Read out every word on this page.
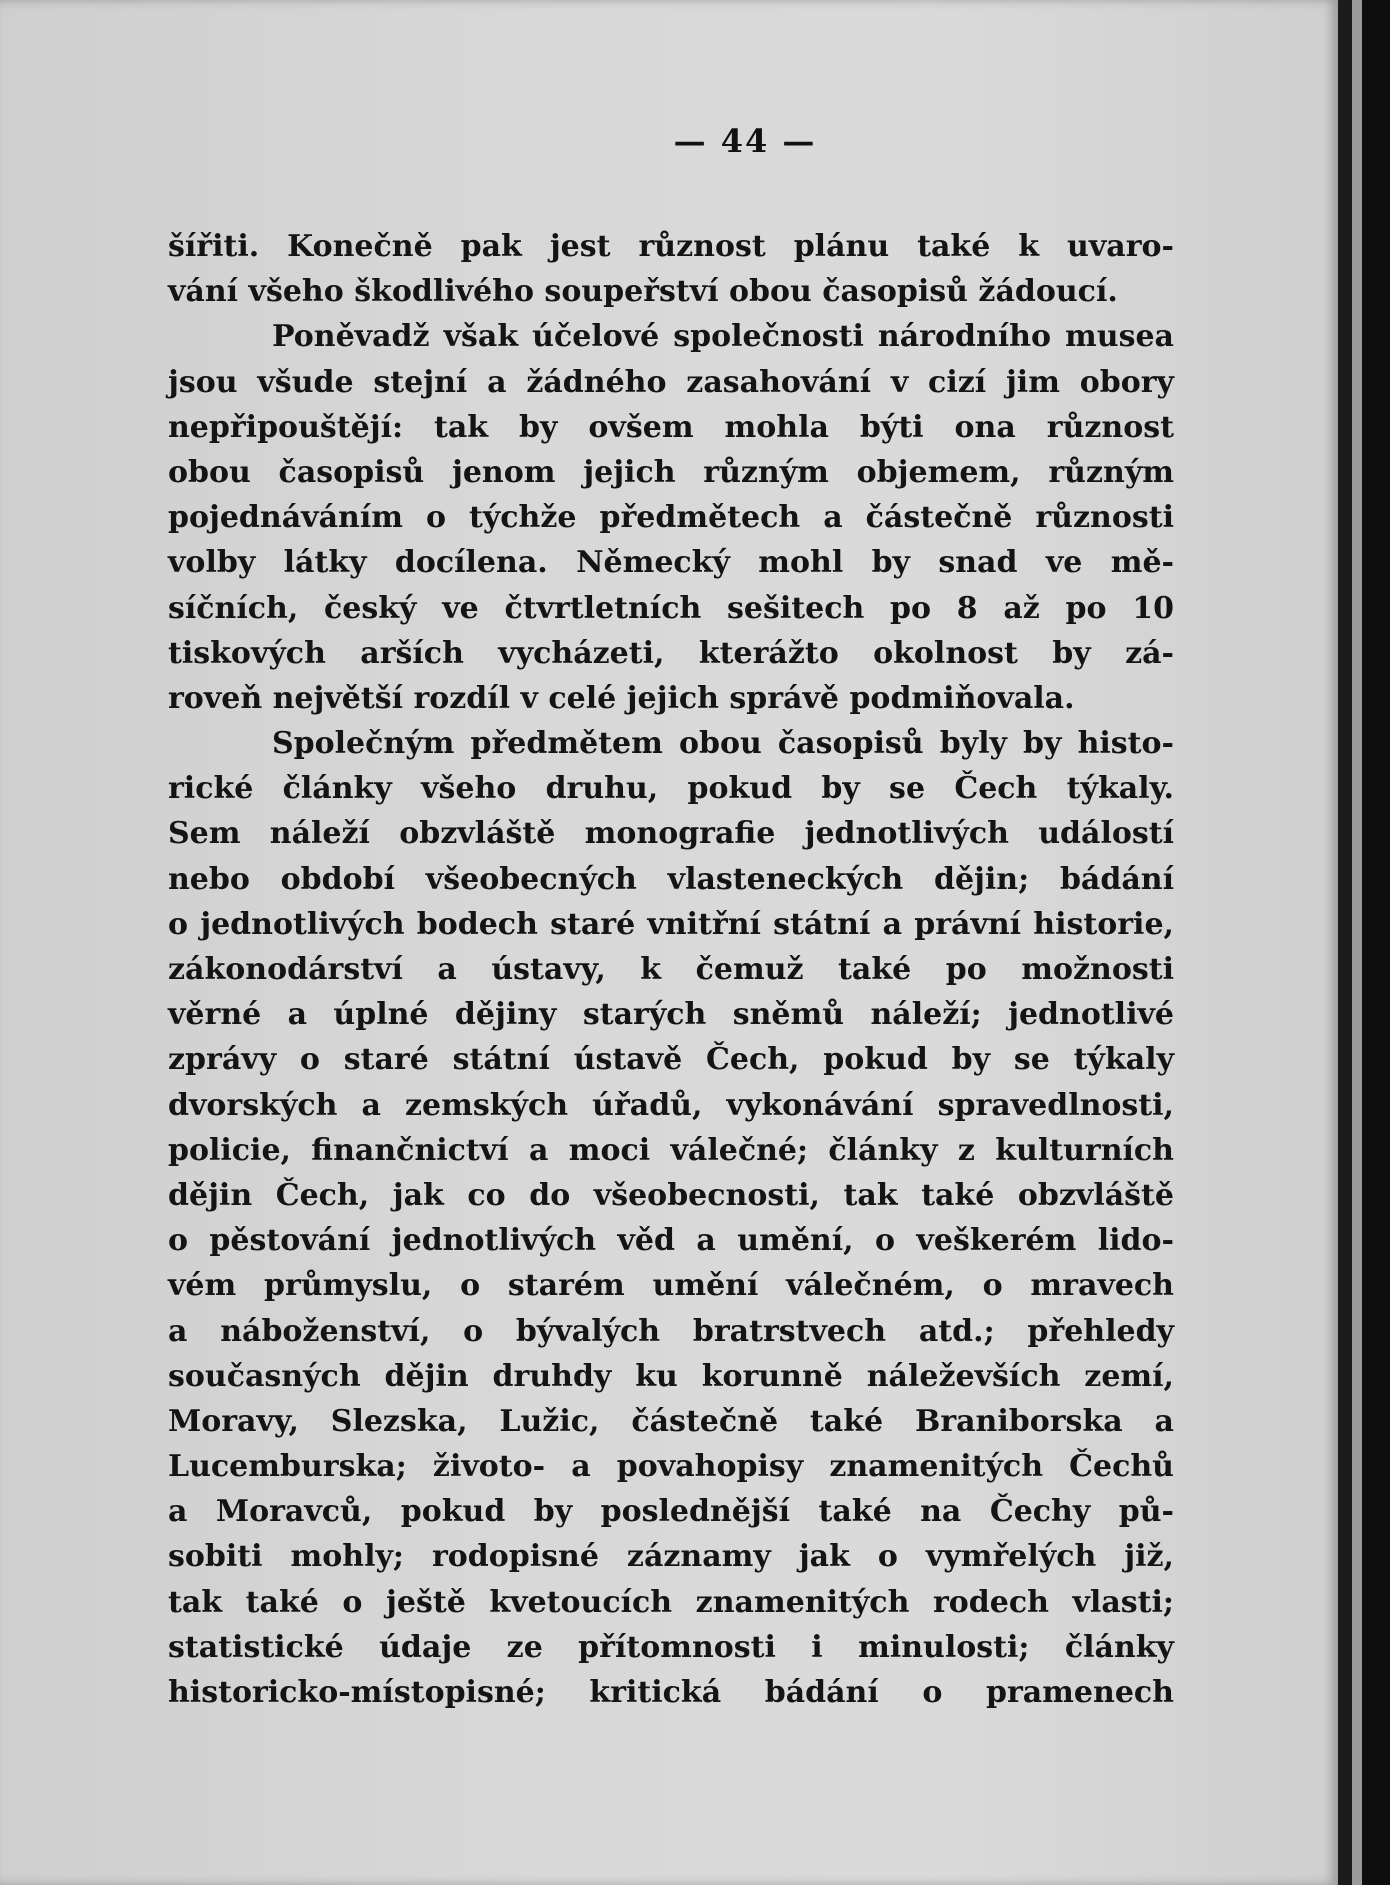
— 44 —
šířiti. Konečně pak jest různost plánu také k uvaro-
vání všeho škodlivého soupeřství obou časopisů žádoucí.
Poněvadž však účelové společnosti národního musea
jsou všude stejní a žádného zasahování v cizí jim obory
nepřipouštějí: tak by ovšem mohla býti ona různost
obou časopisů jenom jejich různým objemem, různým
pojednáváním o týchže předmětech a částečně různosti
volby látky docílena. Německý mohl by snad ve mě-
síčních, český ve čtvrtletních sešitech po 8 až po 10
tiskových arších vycházeti, kterážto okolnost by zá-
roveň největší rozdíl v celé jejich správě podmiňovala.
Společným předmětem obou časopisů byly by histo-
rické články všeho druhu, pokud by se Čech týkaly.
Sem náleží obzvláště monografie jednotlivých událostí
nebo období všeobecných vlasteneckých dějin; bádání
o jednotlivých bodech staré vnitřní státní a právní historie,
zákonodárství a ústavy, k čemuž také po možnosti
věrné a úplné dějiny starých sněmů náleží; jednotlivé
zprávy o staré státní ústavě Čech, pokud by se týkaly
dvorských a zemských úřadů, vykonávání spravedlnosti,
policie, finančnictví a moci válečné; články z kulturních
dějin Čech, jak co do všeobecnosti, tak také obzvláště
o pěstování jednotlivých věd a umění, o veškerém lido-
vém průmyslu, o starém umění válečném, o mravech
a náboženství, o bývalých bratrstvech atd.; přehledy
současných dějin druhdy ku korunně náleževších zemí,
Moravy, Slezska, Lužic, částečně také Braniborska a
Lucemburska; životo- a povahopisy znamenitých Čechů
a Moravců, pokud by poslednější také na Čechy pů-
sobiti mohly; rodopisné záznamy jak o vymřelých již,
tak také o ještě kvetoucích znamenitých rodech vlasti;
statistické údaje ze přítomnosti i minulosti; články
historicko-místopisné; kritická bádání o pramenech
